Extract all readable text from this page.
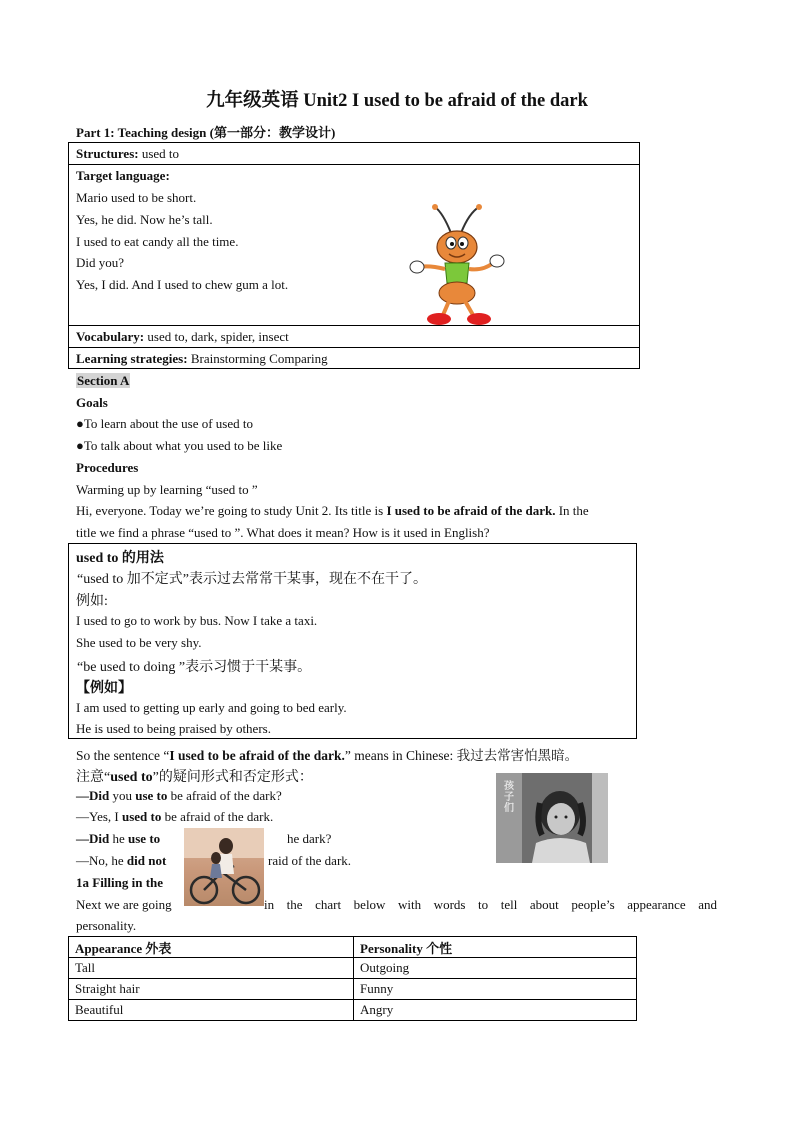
九年级英语 Unit2 I used to be afraid of the dark
Part 1: Teaching design (第一部分：教学设计)
Structures: used to
Target language:
Mario used to be short.
Yes, he did. Now he’s tall.
I used to eat candy all the time.
Did you?
Yes, I did. And I used to chew gum a lot.
Vocabulary: used to, dark, spider, insect
Learning strategies: Brainstorming Comparing
Section A
Goals
●To learn about the use of used to
●To talk about what you used to be like
Procedures
Warming up by learning “used to ”
Hi, everyone. Today we’re going to study Unit 2. Its title is I used to be afraid of the dark. In the
title we find a phrase “used to ”. What does it mean? How is it used in English?
used to 的用法
“used to 加不定式”表示过去常常干某事，现在不在干了。
例如:
I used to go to work by bus. Now I take a taxi.
She used to be very shy.
“be used to doing ”表示习惯于干某事。
【例如】
I am used to getting up early and going to bed early.
He is used to being praised by others.
So the sentence “I used to be afraid of the dark.” means in Chinese: 我过去常害怕黑暗。
注意“used to”的疑问形式和否定形式：
—Did you use to be afraid of the dark?
—Yes, I used to be afraid of the dark.
—Did he use to	he dark?
—No, he did not	raid of the dark.
1a Filling in the
Next we are going	in the chart below with words to tell about people’s appearance and
personality.
孩子们
Appearance 外表	Personality 个性
Tall	Outgoing
Straight hair	Funny
Beautiful	Angry
